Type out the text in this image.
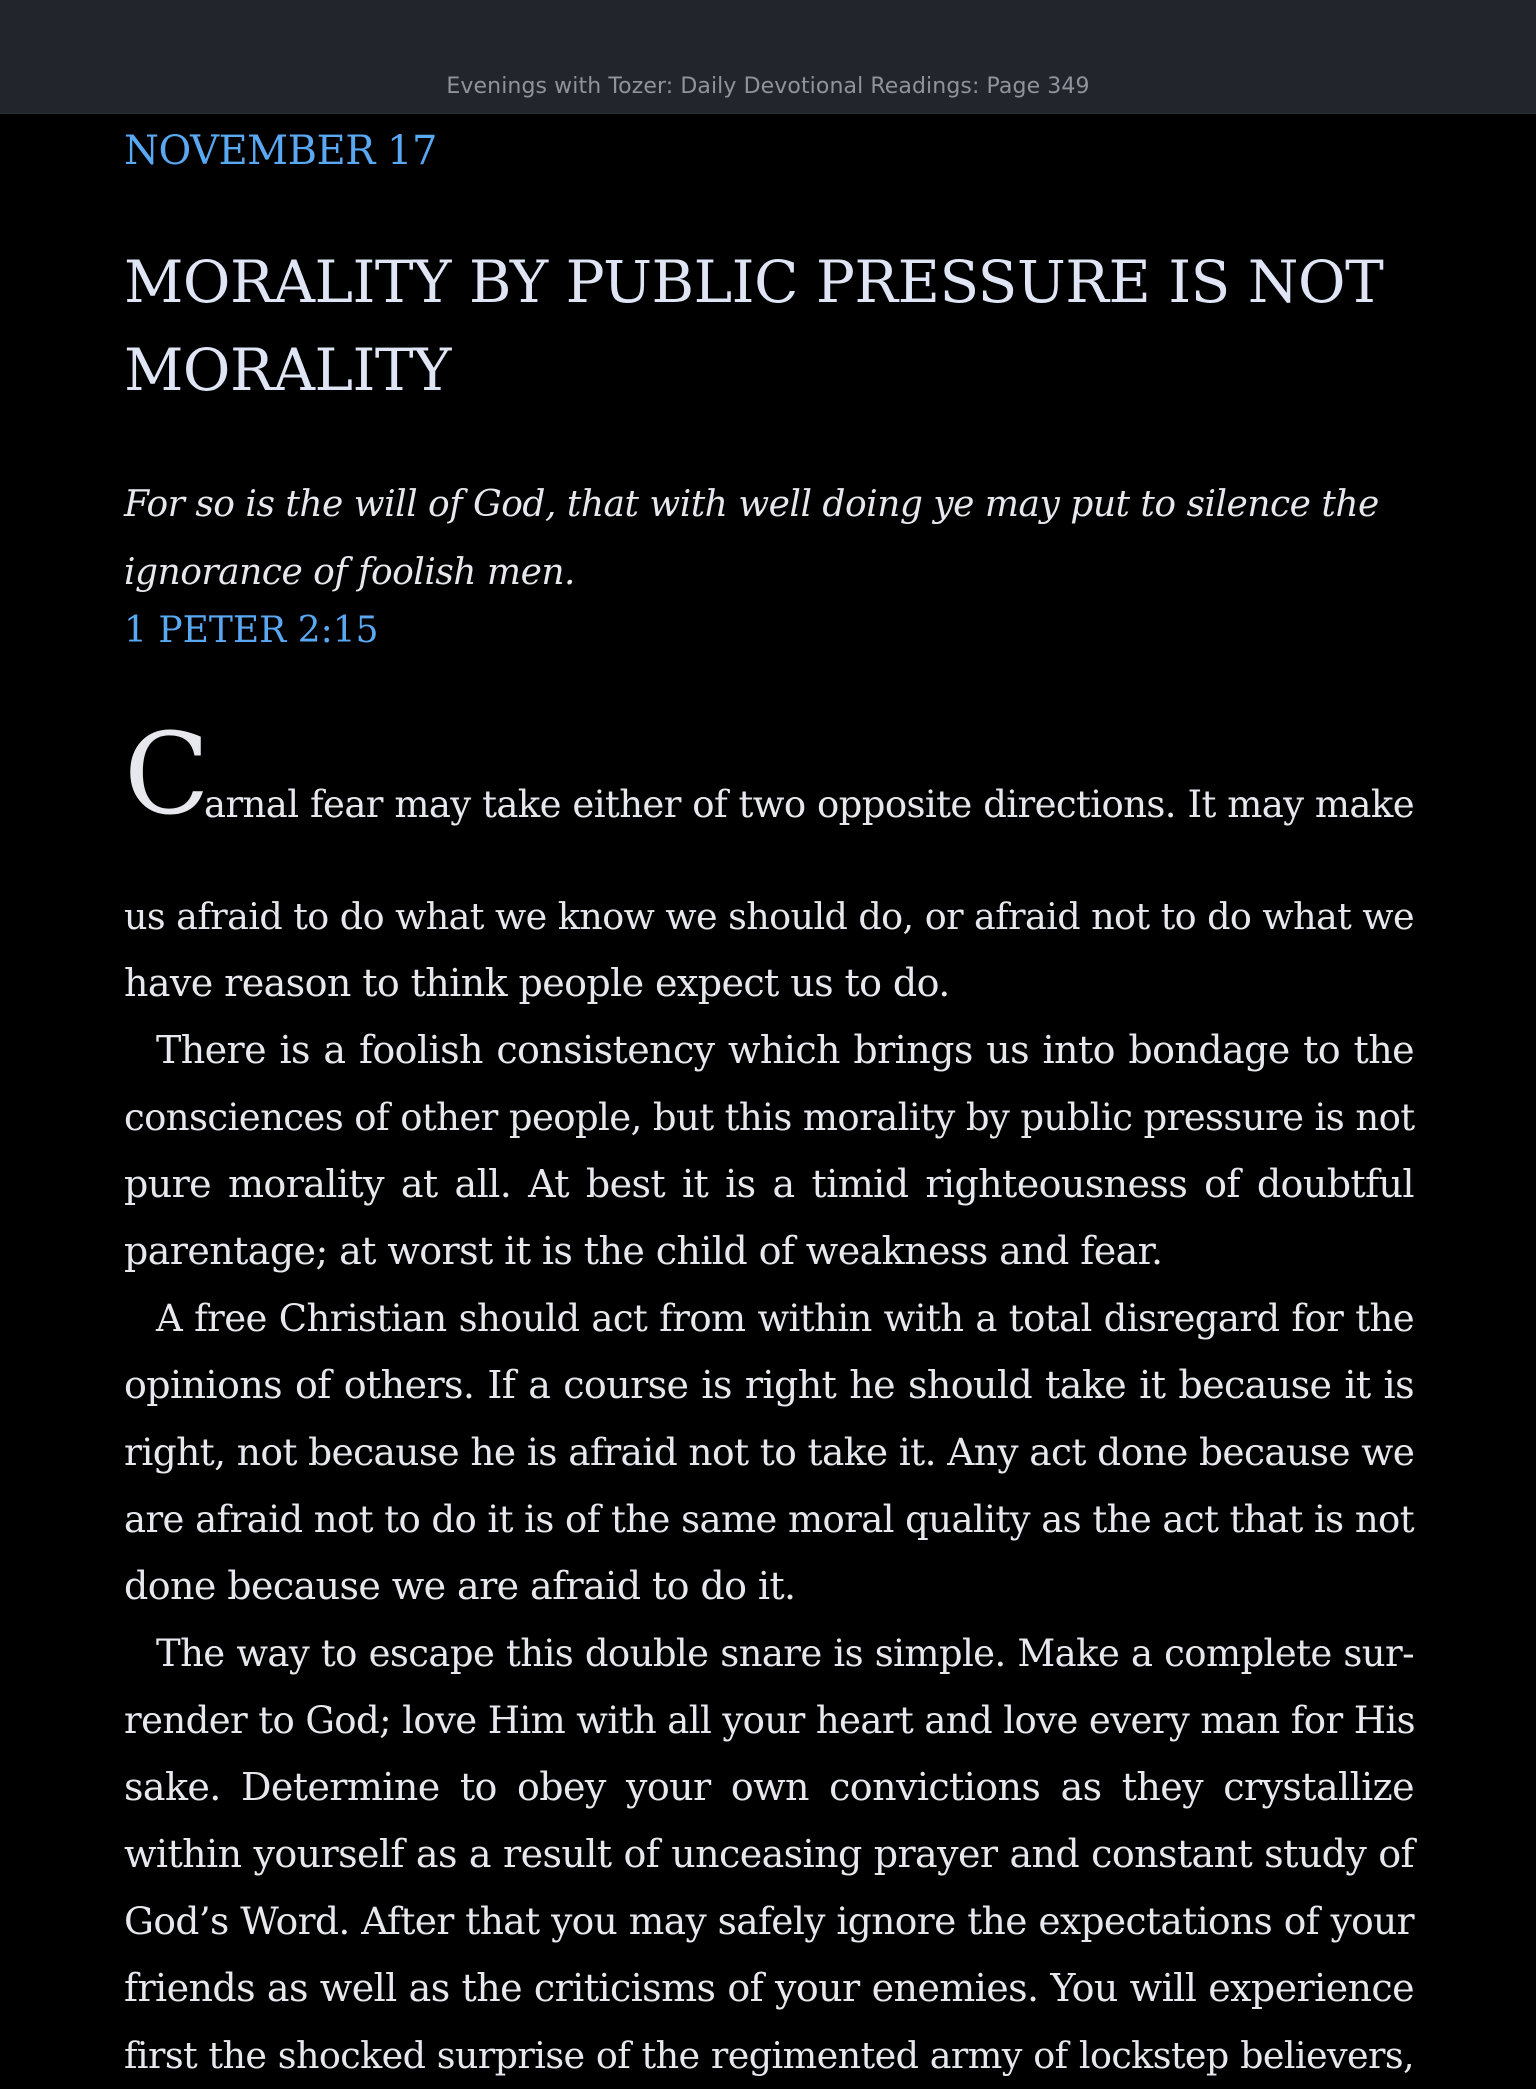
Evenings with Tozer: Daily Devotional Readings: Page 349
NOVEMBER 17
MORALITY BY PUBLIC PRESSURE IS NOT
MORALITY
For so is the will of God, that with well doing ye may put to silence the
ignorance of foolish men.
1 PETER 2:15
C
arnal fear may take either of two opposite directions. It may make
us afraid to do what we know we should do, or afraid not to do what we
have reason to think people expect us to do.
There is a foolish consistency which brings us into bondage to the
consciences of other people, but this morality by public pressure is not
pure morality at all. At best it is a timid righteousness of doubtful
parentage; at worst it is the child of weakness and fear.
A free Christian should act from within with a total disregard for the
opinions of others. If a course is right he should take it because it is
right, not because he is afraid not to take it. Any act done because we
are afraid not to do it is of the same moral quality as the act that is not
done because we are afraid to do it.
The way to escape this double snare is simple. Make a complete sur-
render to God; love Him with all your heart and love every man for His
sake. Determine to obey your own convictions as they crystallize
within yourself as a result of unceasing prayer and constant study of
God’s Word. After that you may safely ignore the expectations of your
friends as well as the criticisms of your enemies. You will experience
first the shocked surprise of the regimented army of lockstep believers,
